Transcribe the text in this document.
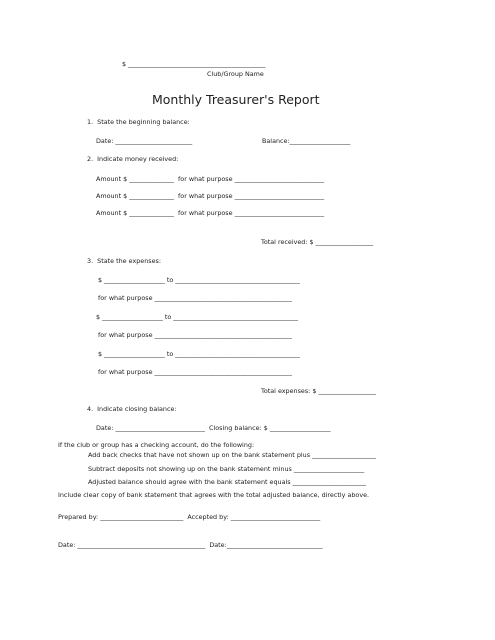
$ ___________________________________________
Club/Group Name
Monthly Treasurer's Report
1.  State the beginning balance:
Date: ________________________	Balance:___________________
2.  Indicate money received:
Amount $ ______________  for what purpose ____________________________
Amount $ ______________  for what purpose ____________________________
Amount $ ______________  for what purpose ____________________________
Total received: $ __________________
3.  State the expenses:
$ ___________________ to _______________________________________
for what purpose ___________________________________________
$ ___________________ to _______________________________________
for what purpose ___________________________________________
$ ___________________ to _______________________________________
for what purpose ___________________________________________
Total expenses: $ __________________
4.  Indicate closing balance:
Date: ____________________________  Closing balance: $ ___________________
If the club or group has a checking account, do the following:
Add back checks that have not shown up on the bank statement plus ____________________
Subtract deposits not showing up on the bank statement minus ______________________
Adjusted balance should agree with the bank statement equals _______________________
Include clear copy of bank statement that agrees with the total adjusted balance, directly above.
Prepared by: __________________________  Accepted by: ____________________________
Date: ________________________________________  Date:______________________________
